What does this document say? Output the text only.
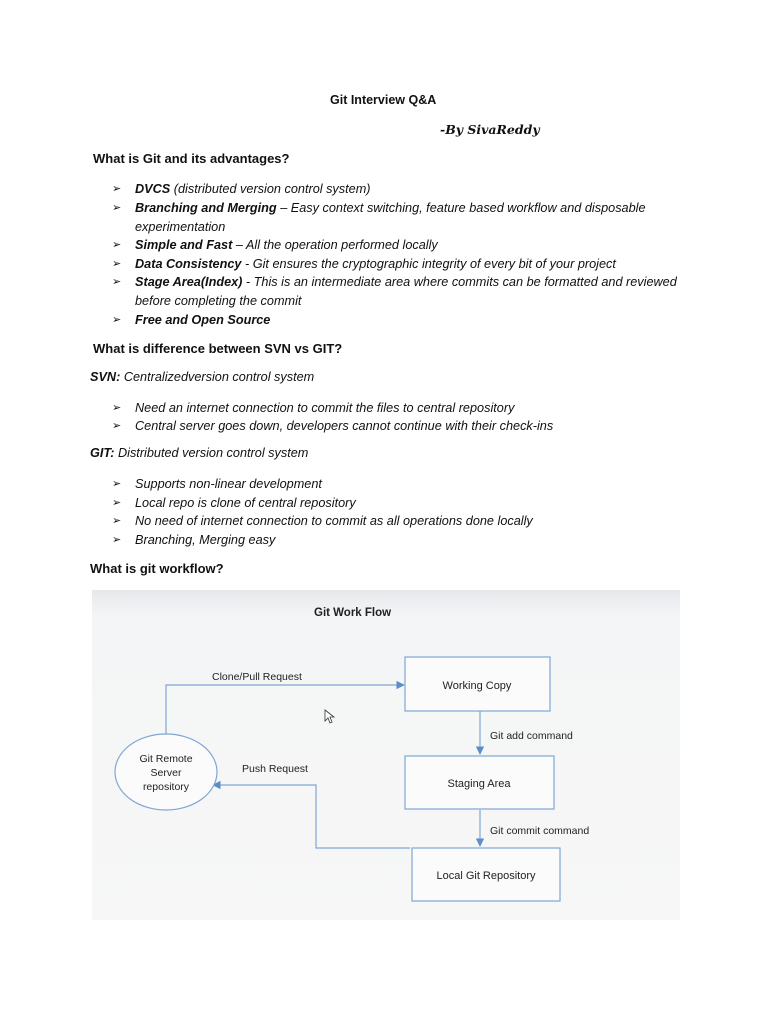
Git Interview Q&A
-By SivaReddy
What is Git and its advantages?
➢ DVCS (distributed version control system)
➢ Branching and Merging – Easy context switching, feature based workflow and disposable experimentation
➢ Simple and Fast – All the operation performed locally
➢ Data Consistency - Git ensures the cryptographic integrity of every bit of your project
➢ Stage Area(Index) - This is an intermediate area where commits can be formatted and reviewed before completing the commit
➢ Free and Open Source
What is difference between SVN vs GIT?
SVN: Centralizedversion control system
➢ Need an internet connection to commit the files to central repository
➢ Central server goes down, developers cannot continue with their check-ins
GIT: Distributed version control system
➢ Supports non-linear development
➢ Local repo is clone of central repository
➢ No need of internet connection to commit as all operations done locally
➢ Branching, Merging easy
What is git workflow?
Git Work Flow
Git Remote
Server
repository
Working Copy
Staging Area
Local Git Repository
Clone/Pull Request
Push Request
Git add command
Git commit command
